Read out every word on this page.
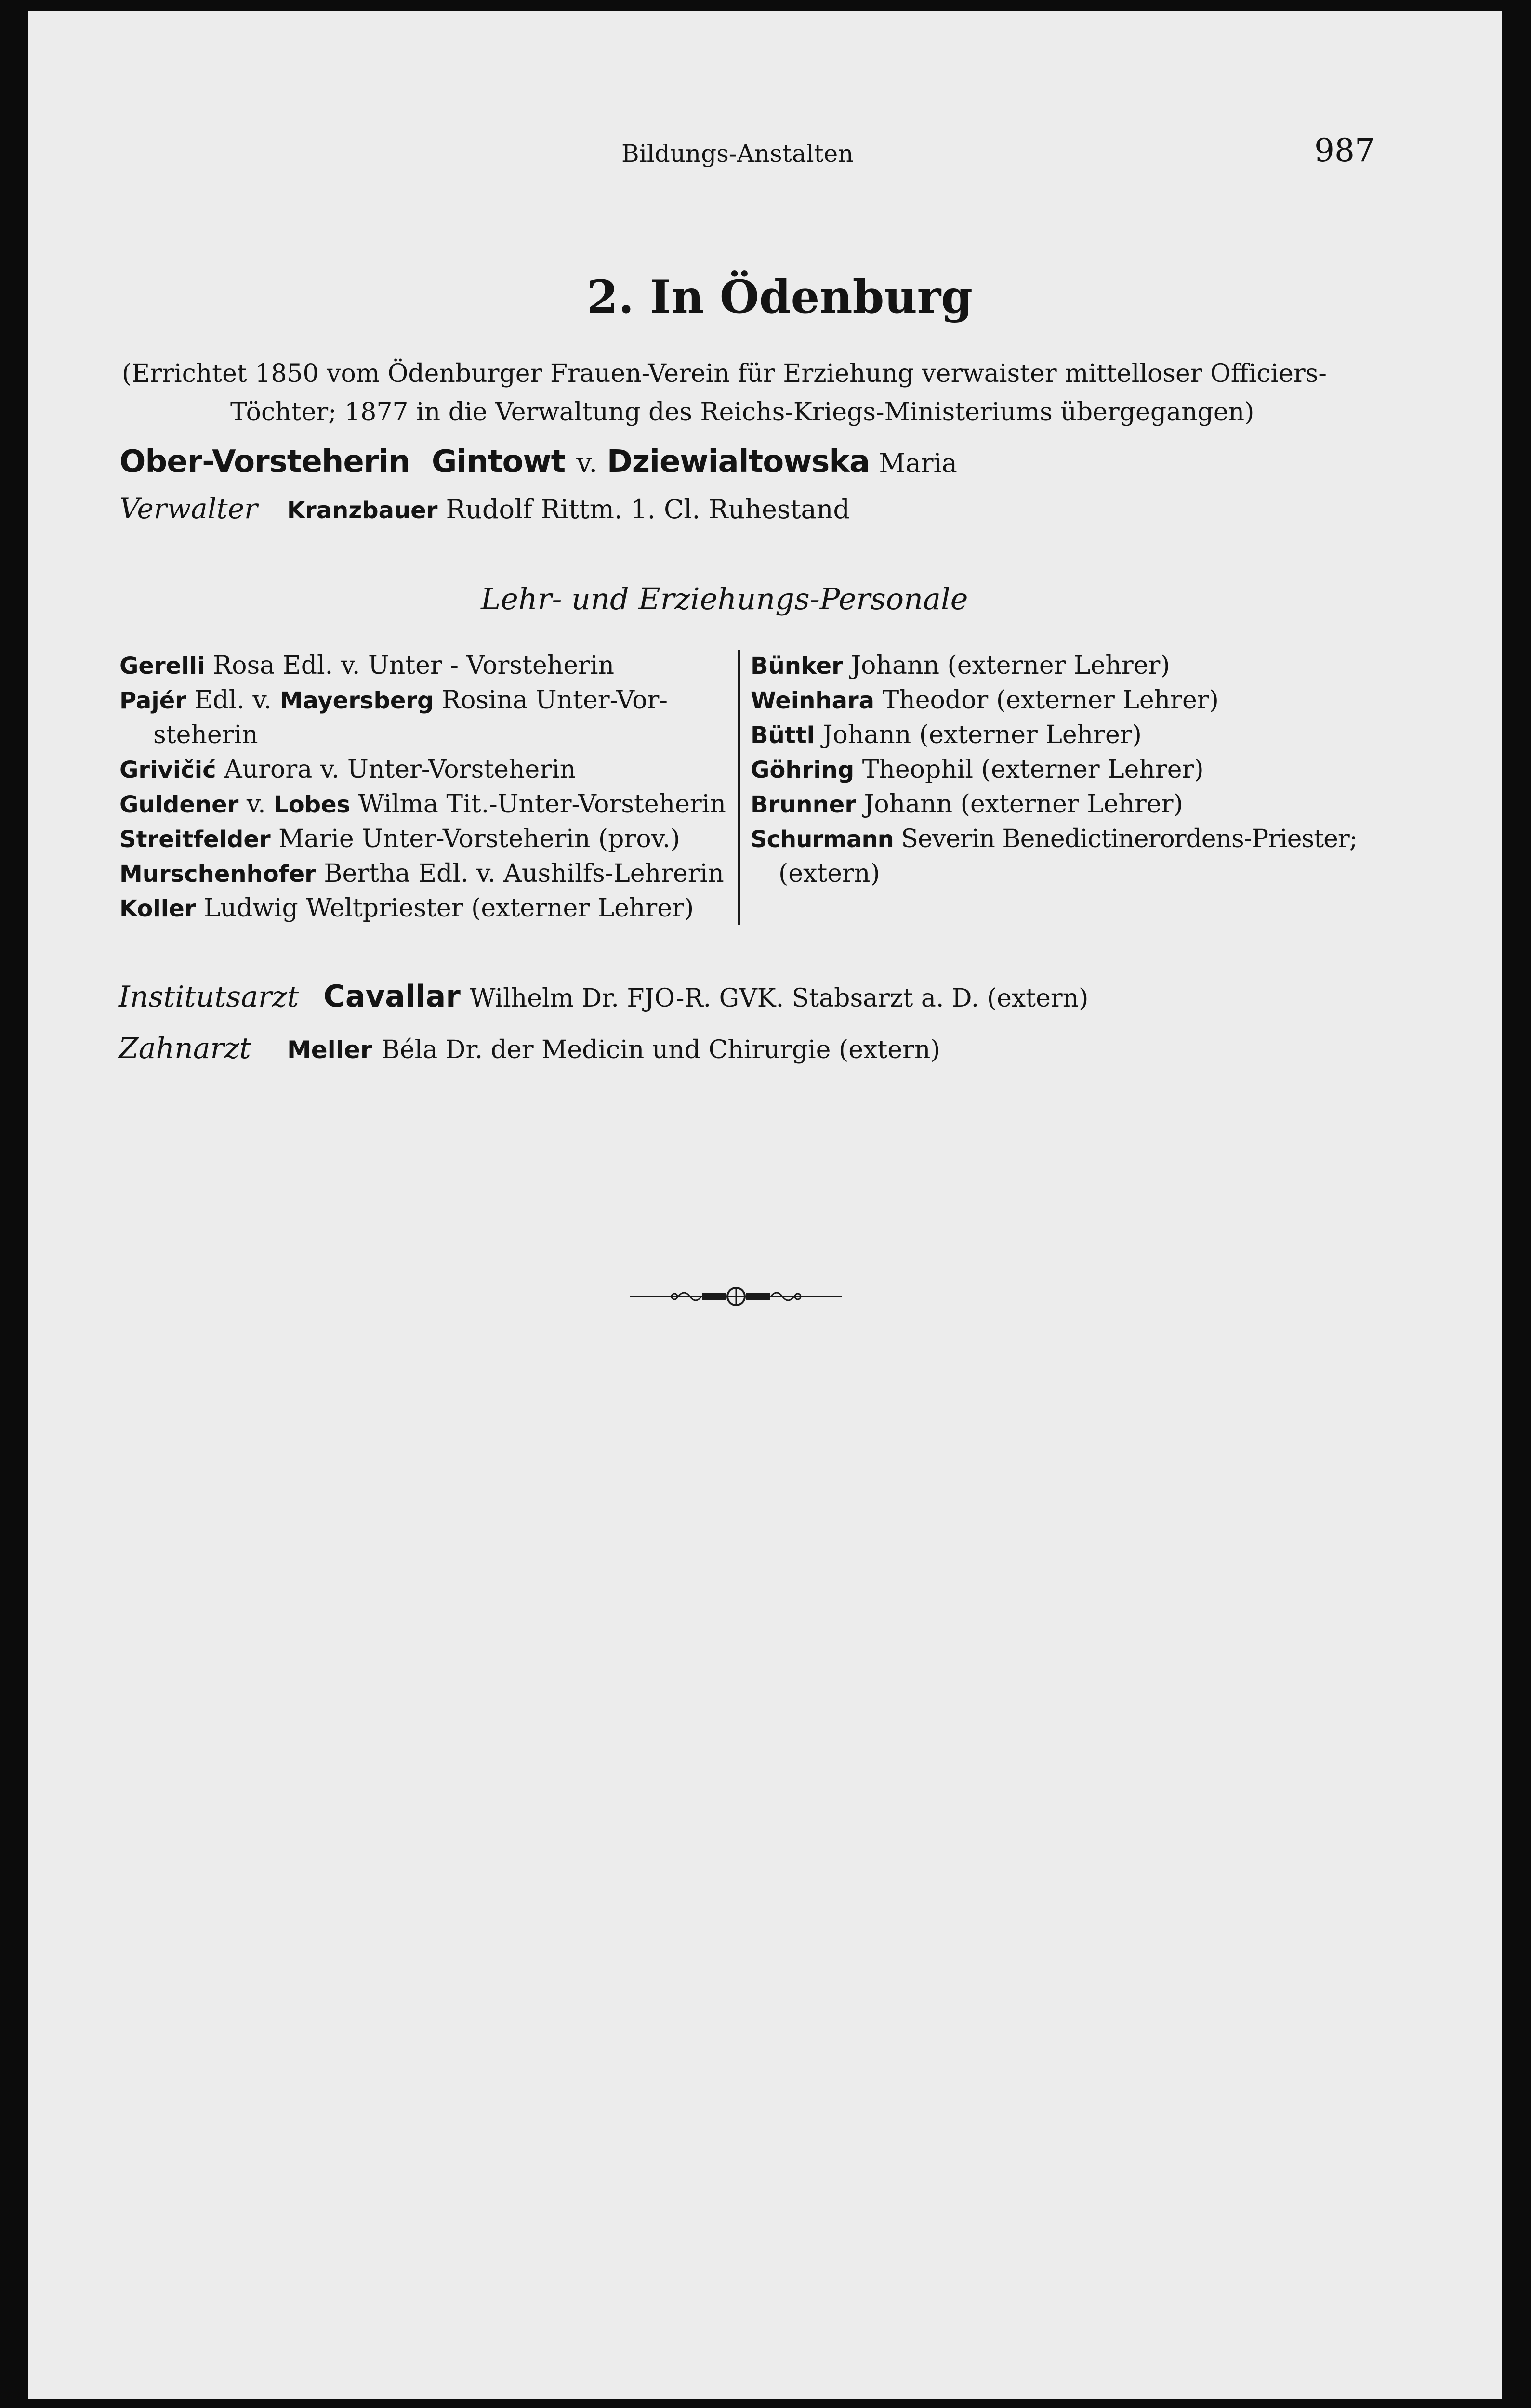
Bildungs-Anstalten	987
2. In Ödenburg
(Errichtet 1850 vom Ödenburger Frauen-Verein für Erziehung verwaister mittelloser Officiers-
Töchter; 1877 in die Verwaltung des Reichs-Kriegs-Ministeriums übergegangen)
Ober-Vorsteherin Gintowt v. Dziewialtowska Maria
Verwalter Kranzbauer Rudolf Rittm. 1. Cl. Ruhestand
Lehr- und Erziehungs-Personale
Gerelli Rosa Edl. v. Unter - Vorsteherin
Pajér Edl. v. Mayersberg Rosina Unter-Vor-
steherin
Grivičić Aurora v. Unter-Vorsteherin
Guldener v. Lobes Wilma Tit.-Unter-Vorsteherin
Streitfelder Marie Unter-Vorsteherin (prov.)
Murschenhofer Bertha Edl. v. Aushilfs-Lehrerin
Koller Ludwig Weltpriester (externer Lehrer)
Bünker Johann (externer Lehrer)
Weinhara Theodor (externer Lehrer)
Büttl Johann (externer Lehrer)
Göhring Theophil (externer Lehrer)
Brunner Johann (externer Lehrer)
Schurmann Severin Benedictinerordens-Priester;
(extern)
Institutsarzt Cavallar Wilhelm Dr. FJO-R. GVK. Stabsarzt a. D. (extern)
Zahnarzt Meller Béla Dr. der Medicin und Chirurgie (extern)
